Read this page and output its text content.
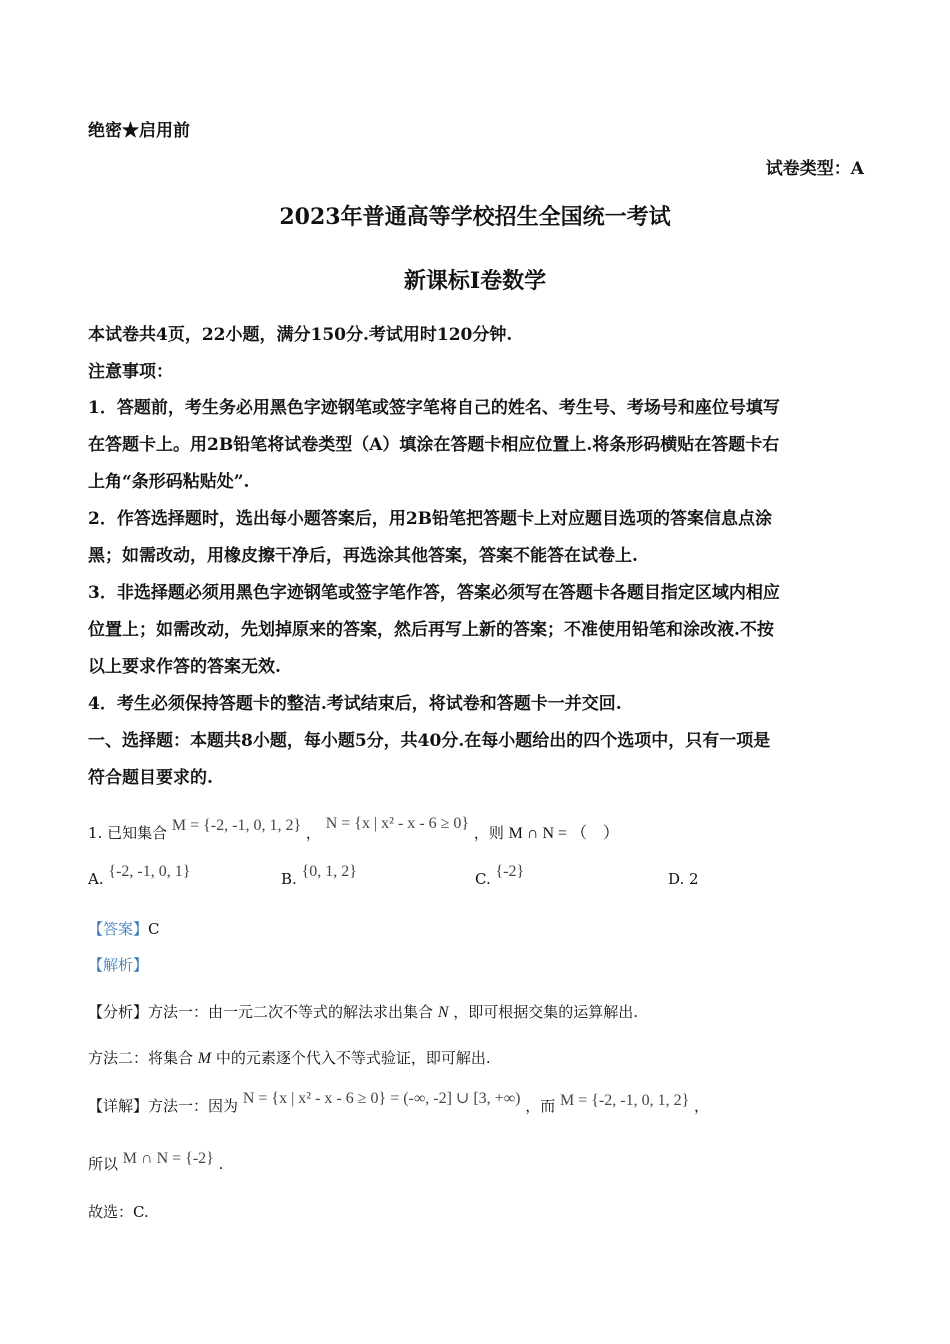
绝密★启用前
试卷类型：A
2023年普通高等学校招生全国统一考试
新课标Ⅰ卷数学
本试卷共4页，22小题，满分150分.考试用时120分钟.
注意事项：
1．答题前，考生务必用黑色字迹钢笔或签字笔将自己的姓名、考生号、考场号和座位号填写
在答题卡上。用2B铅笔将试卷类型（A）填涂在答题卡相应位置上.将条形码横贴在答题卡右
上角“条形码粘贴处”.
2．作答选择题时，选出每小题答案后，用2B铅笔把答题卡上对应题目选项的答案信息点涂
黑；如需改动，用橡皮擦干净后，再选涂其他答案，答案不能答在试卷上.
3．非选择题必须用黑色字迹钢笔或签字笔作答，答案必须写在答题卡各题目指定区域内相应
位置上；如需改动，先划掉原来的答案，然后再写上新的答案；不准使用铅笔和涂改液.不按
以上要求作答的答案无效.
4．考生必须保持答题卡的整洁.考试结束后，将试卷和答题卡一并交回.
一、选择题：本题共8小题，每小题5分，共40分.在每小题给出的四个选项中，只有一项是
符合题目要求的.
1. 已知集合 M = {-2, -1, 0, 1, 2} ， N = {x | x² - x - 6 ≥ 0} ，则 M ∩ N = （　）
A. {-2, -1, 0, 1}	B. {0, 1, 2}	C. {-2}	D. 2
【答案】C
【解析】
【分析】方法一：由一元二次不等式的解法求出集合 N ，即可根据交集的运算解出.
方法二：将集合 M 中的元素逐个代入不等式验证，即可解出.
【详解】方法一：因为 N = {x | x² - x - 6 ≥ 0} = (-∞, -2] ∪ [3, +∞) ，而 M = {-2, -1, 0, 1, 2} ，
所以 M ∩ N = {-2} .
故选：C.
